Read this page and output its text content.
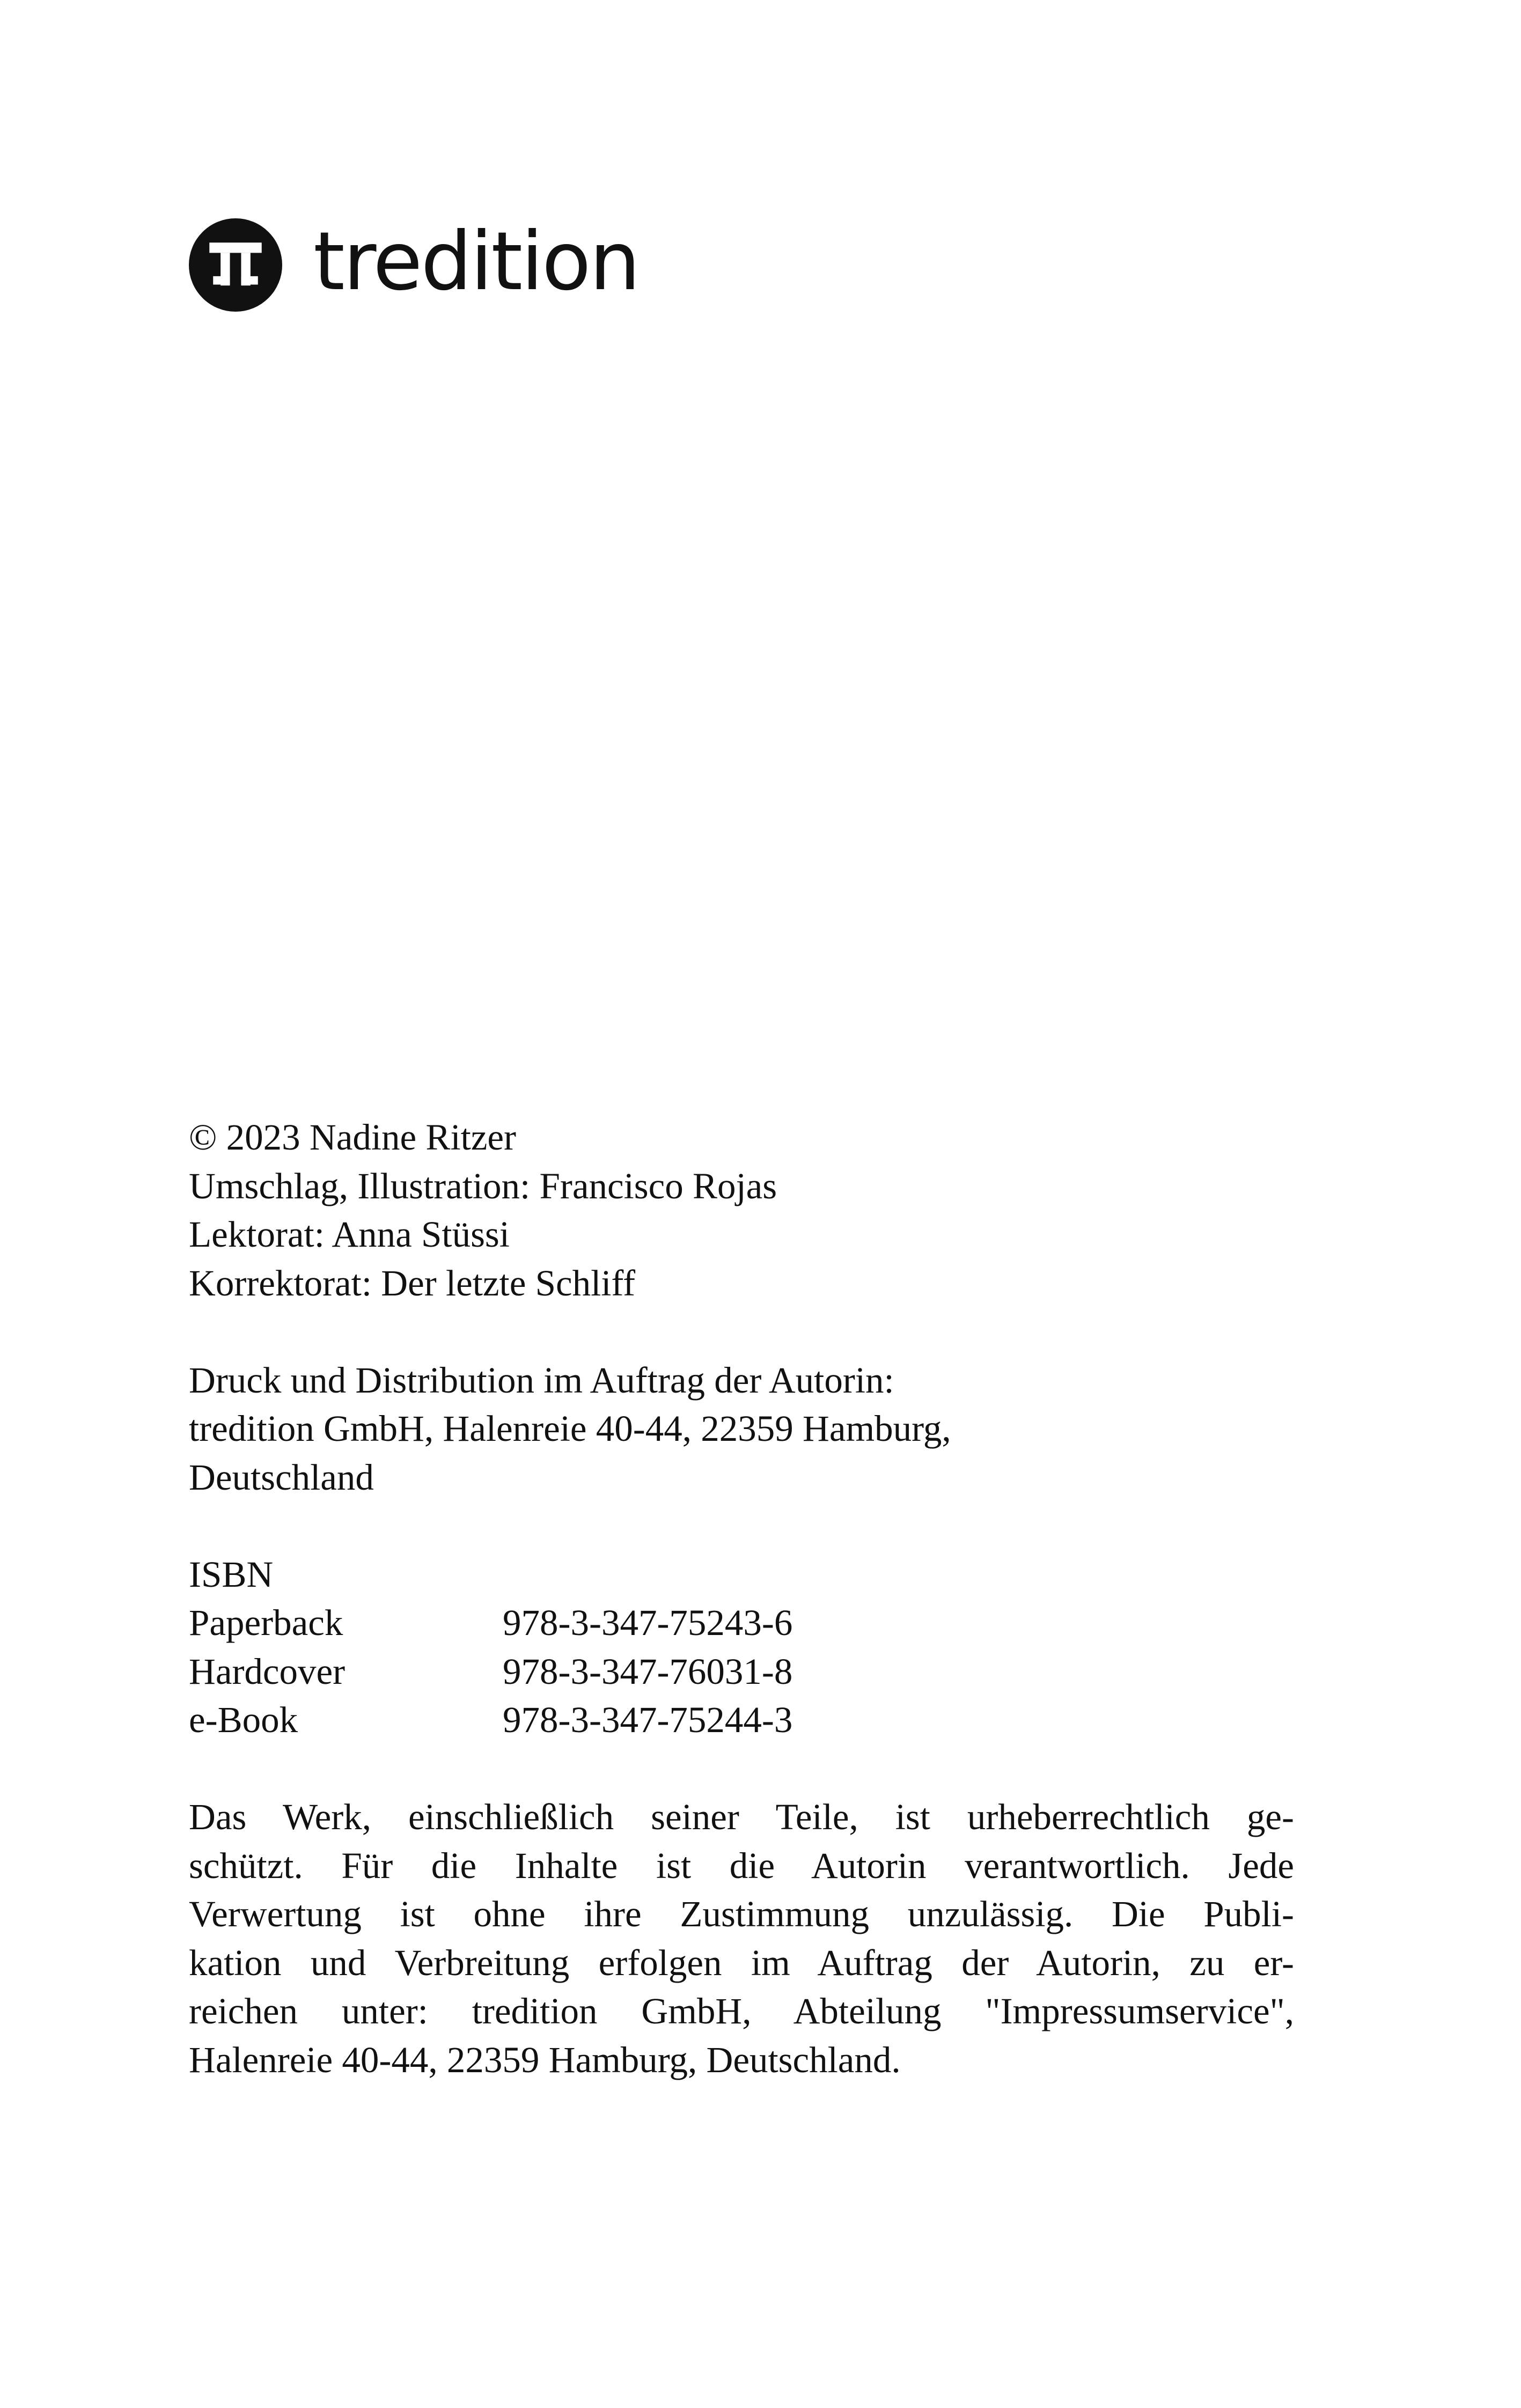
tredition
© 2023 Nadine Ritzer
Umschlag, Illustration: Francisco Rojas
Lektorat: Anna Stüssi
Korrektorat: Der letzte Schliff
Druck und Distribution im Auftrag der Autorin:
tredition GmbH, Halenreie 40-44, 22359 Hamburg,
Deutschland
ISBN
Paperback	978-3-347-75243-6
Hardcover	978-3-347-76031-8
e-Book	978-3-347-75244-3
Das Werk, einschließlich seiner Teile, ist urheberrechtlich ge-
schützt. Für die Inhalte ist die Autorin verantwortlich. Jede
Verwertung ist ohne ihre Zustimmung unzulässig. Die Publi-
kation und Verbreitung erfolgen im Auftrag der Autorin, zu er-
reichen unter: tredition GmbH, Abteilung "Impressumservice",
Halenreie 40-44, 22359 Hamburg, Deutschland.
